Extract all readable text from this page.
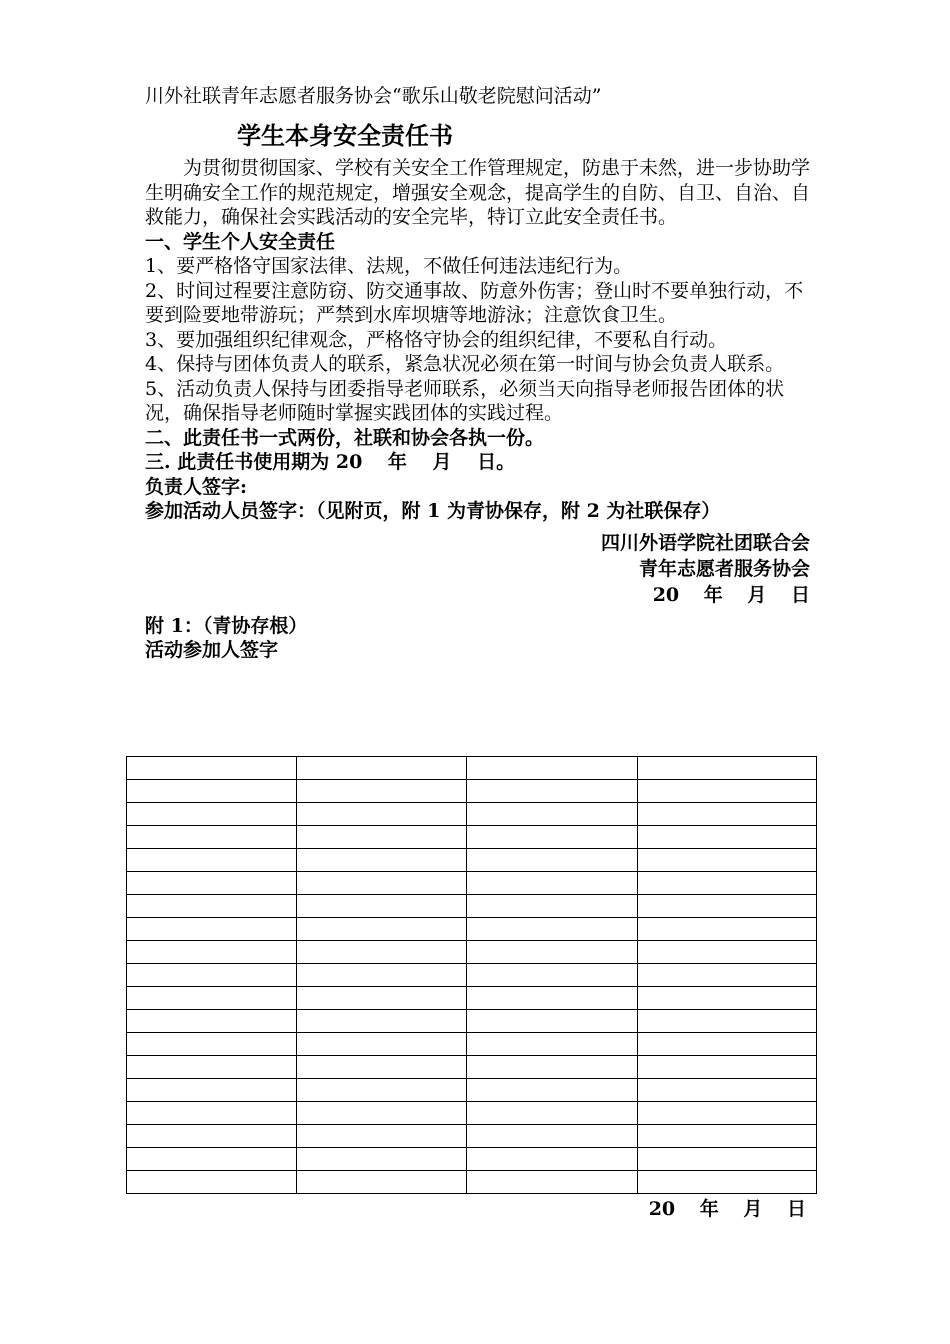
川外社联青年志愿者服务协会“歌乐山敬老院慰问活动”
学生本身安全责任书

为贯彻贯彻国家、学校有关安全工作管理规定，防患于未然，进一步协助学生明确安全工作的规范规定，增强安全观念，提高学生的自防、自卫、自治、自救能力，确保社会实践活动的安全完毕，特订立此安全责任书。

一、学生个人安全责任

1、要严格恪守国家法律、法规，不做任何违法违纪行为。

2、时间过程要注意防窃、防交通事故、防意外伤害；登山时不要单独行动，不要到险要地带游玩；严禁到水库坝塘等地游泳；注意饮食卫生。

3、要加强组织纪律观念，严格恪守协会的组织纪律，不要私自行动。

4、保持与团体负责人的联系，紧急状况必须在第一时间与协会负责人联系。

5、活动负责人保持与团委指导老师联系，必须当天向指导老师报告团体的状况，确保指导老师随时掌握实践团体的实践过程。

二、此责任书一式两份，社联和协会各执一份。

三. 此责任书使用期为 20　 年　 月　 日。

负责人签字:

参加活动人员签字：（见附页，附 1 为青协保存，附 2 为社联保存）

四川外语学院社团联合会
青年志愿者服务协会
20 年 月 日
附 1：（青协存根）
活动参加人签字

20 年 月 日
